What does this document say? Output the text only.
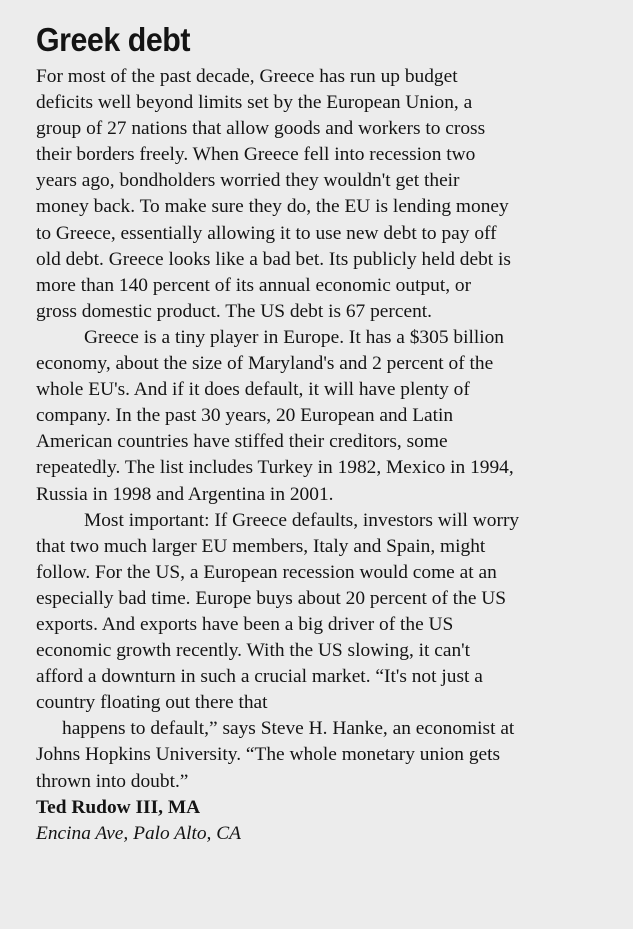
Greek debt
For most of the past decade, Greece has run up budget
deficits well beyond limits set by the European Union, a
group of 27 nations that allow goods and workers to cross
their borders freely. When Greece fell into recession two
years ago, bondholders worried they wouldn't get their
money back. To make sure they do, the EU is lending money
to Greece, essentially allowing it to use new debt to pay off
old debt. Greece looks like a bad bet. Its publicly held debt is
more than 140 percent of its annual economic output, or
gross domestic product. The US debt is 67 percent.
Greece is a tiny player in Europe. It has a $305 billion
economy, about the size of Maryland's and 2 percent of the
whole EU's. And if it does default, it will have plenty of
company. In the past 30 years, 20 European and Latin
American countries have stiffed their creditors, some
repeatedly. The list includes Turkey in 1982, Mexico in 1994,
Russia in 1998 and Argentina in 2001.
Most important: If Greece defaults, investors will worry
that two much larger EU members, Italy and Spain, might
follow. For the US, a European recession would come at an
especially bad time. Europe buys about 20 percent of the US
exports. And exports have been a big driver of the US
economic growth recently. With the US slowing, it can't
afford a downturn in such a crucial market. “It's not just a
country floating out there that
happens to default,” says Steve H. Hanke, an economist at
Johns Hopkins University. “The whole monetary union gets
thrown into doubt.”
Ted Rudow III, MA
Encina Ave, Palo Alto, CA
